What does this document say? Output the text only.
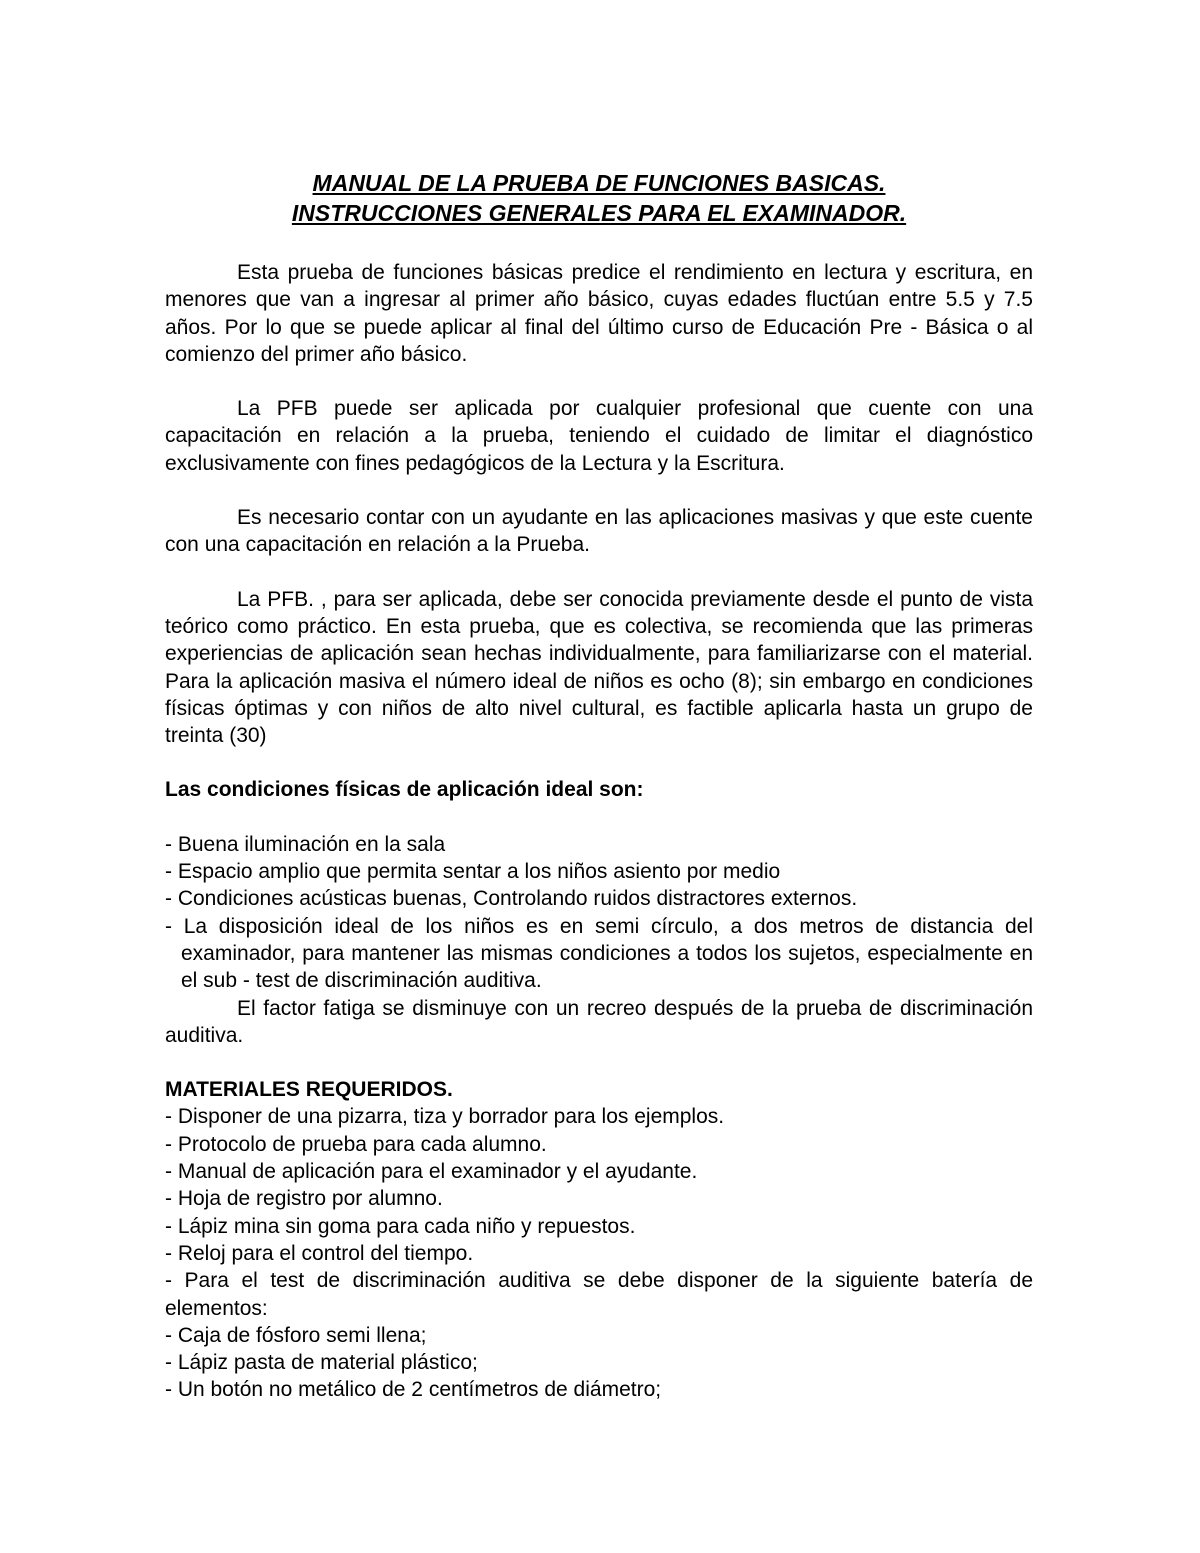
MANUAL DE LA PRUEBA DE FUNCIONES BASICAS.

INSTRUCCIONES GENERALES PARA EL EXAMINADOR.

Esta prueba de funciones básicas predice el rendimiento en lectura y escritura, en menores que van a ingresar al primer año básico, cuyas edades fluctúan entre 5.5 y 7.5 años. Por lo que se puede aplicar al final del último curso de Educación Pre - Básica o al comienzo del primer año básico.

La PFB puede ser aplicada por cualquier profesional que cuente con una capacitación en relación a la prueba, teniendo el cuidado de limitar el diagnóstico exclusivamente con fines pedagógicos de la Lectura y la Escritura.

Es necesario contar con un ayudante en las aplicaciones masivas y que este cuente con una capacitación en relación a la Prueba.

La PFB. , para ser aplicada, debe ser conocida previamente desde el punto de vista teórico como práctico. En esta prueba, que es colectiva, se recomienda que las primeras experiencias de aplicación sean hechas individualmente, para familiarizarse con el material. Para la aplicación masiva el número ideal de niños es ocho (8); sin embargo en condiciones físicas óptimas y con niños de alto nivel cultural, es factible aplicarla hasta un grupo de treinta (30)

Las condiciones físicas de aplicación ideal son:

- Buena iluminación en la sala
- Espacio amplio que permita sentar a los niños asiento por medio
- Condiciones acústicas buenas, Controlando ruidos distractores externos.
- La disposición ideal de los niños es en semi círculo, a dos metros de distancia del examinador, para mantener las mismas condiciones a todos los sujetos, especialmente en el sub - test de discriminación auditiva.

El factor fatiga se disminuye con un recreo después de la prueba de discriminación auditiva.

MATERIALES REQUERIDOS.

- Disponer de una pizarra, tiza y borrador para los ejemplos.
- Protocolo de prueba para cada alumno.
- Manual de aplicación para el examinador y el ayudante.
- Hoja de registro por alumno.
- Lápiz mina sin goma para cada niño y repuestos.
- Reloj para el control del tiempo.
- Para el test de discriminación auditiva se debe disponer de la siguiente batería de elementos:
- Caja de fósforo semi llena;
- Lápiz pasta de material plástico;
- Un botón no metálico de 2 centímetros de diámetro;
